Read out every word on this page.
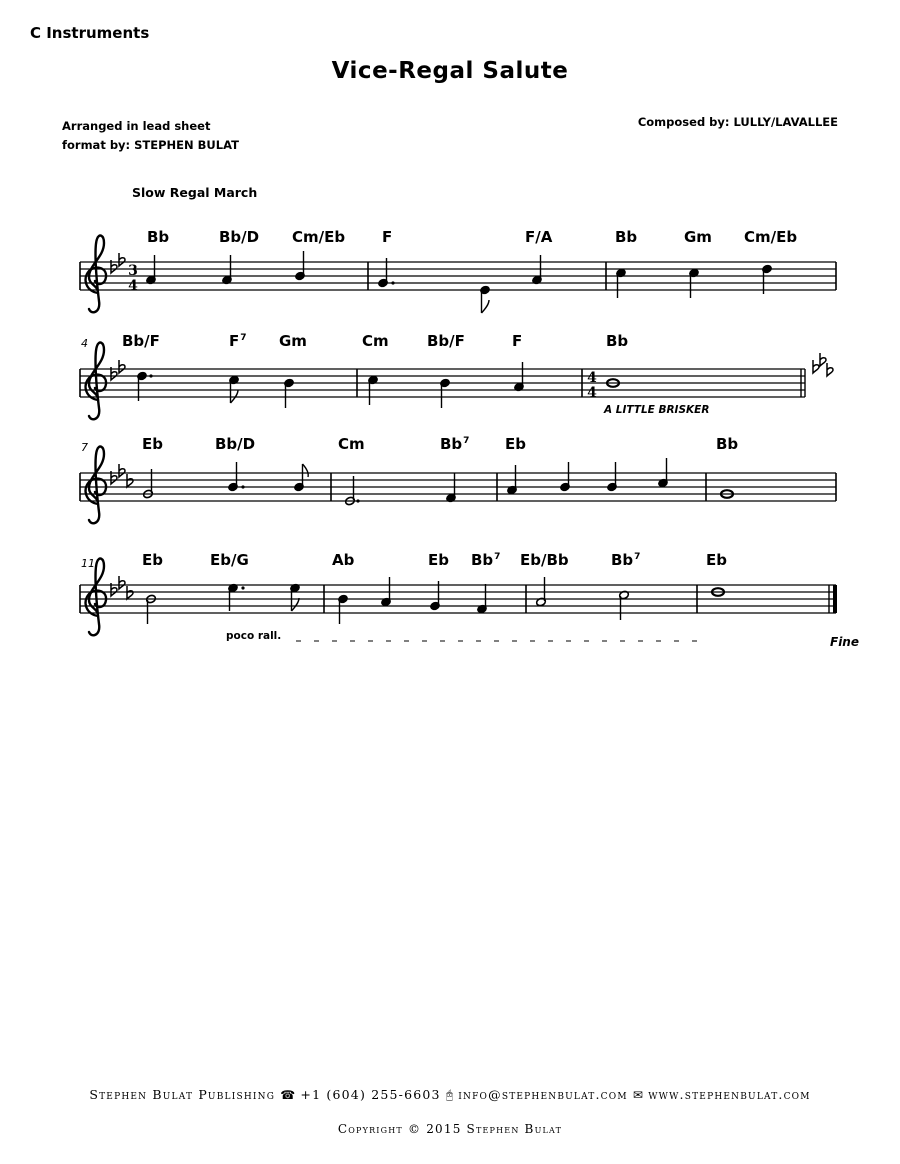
C Instruments
Vice-Regal Salute
Arranged in lead sheet
format by: STEPHEN BULAT
Composed by: LULLY/LAVALLEE
Slow Regal March
Bb	Bb/D Cm/Eb F	F/A	Bb	Gm Cm/Eb
4 Bb/F	$F^7$ Gm	Cm	Bb/F	F	Bb
A LITTLE BRISKER
7	Eb	Bb/D	Cm	Bb$^7$ Eb	Bb
11	Eb	Eb/G	Ab	Eb Bb$^7$ Eb/Bb	Bb$^7$	Eb
poco rall.	Fine
3
4
4
4
Stephen Bulat Publishing ☎ +1 (604) 255-6603 🖰 info@stephenbulat.com ✉ www.stephenbulat.com
Copyright © 2015 Stephen Bulat
